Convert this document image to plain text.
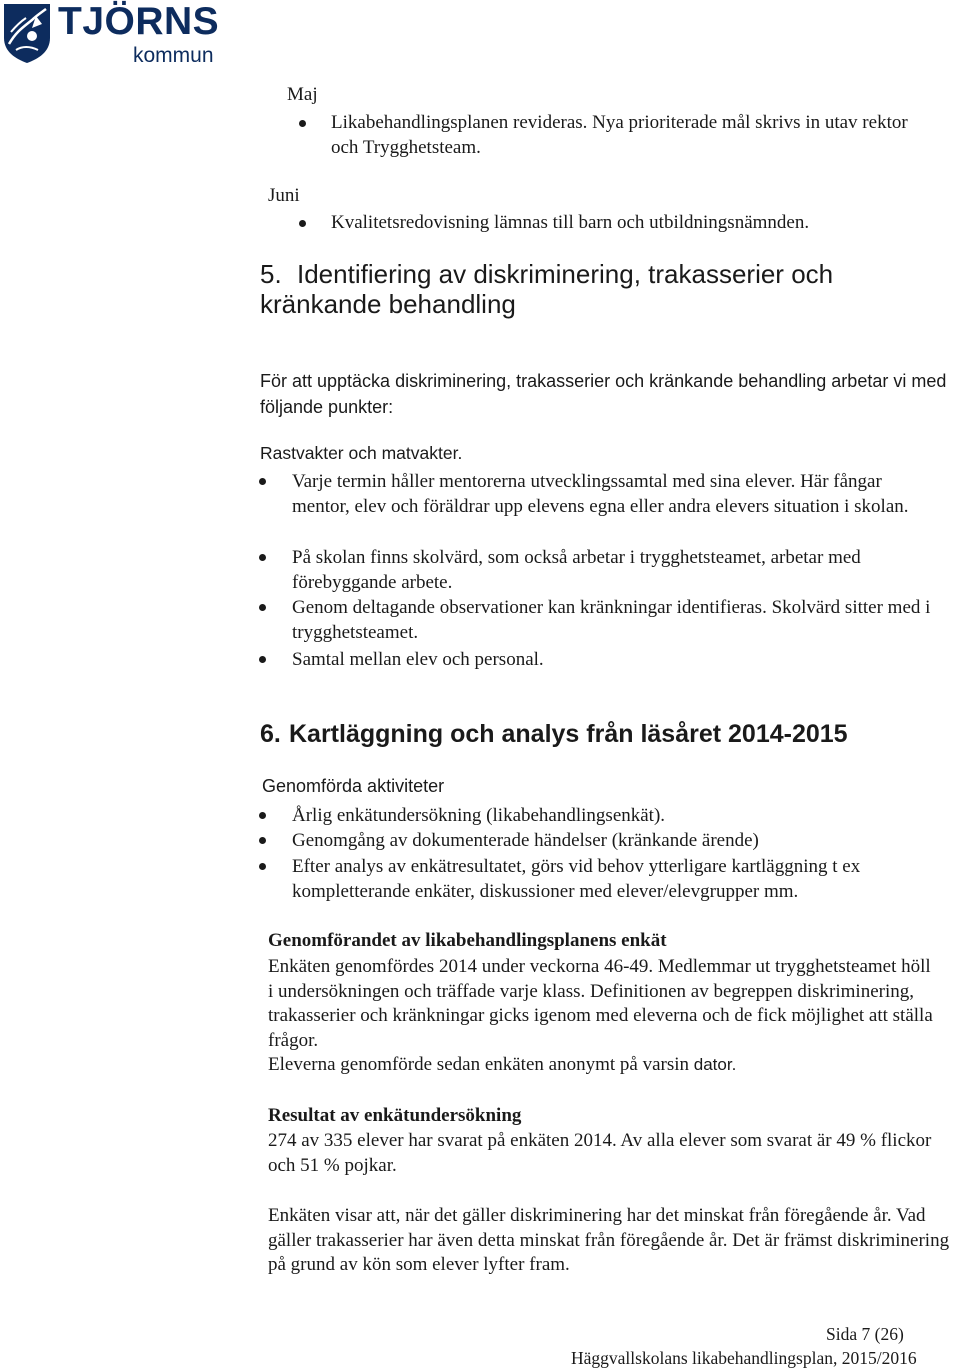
TJÖRNS
kommun
Maj
Likabehandlingsplanen revideras. Nya prioriterade mål skrivs in utav rektor och Trygghetsteam.
Juni
Kvalitetsredovisning lämnas till barn och utbildningsnämnden.
5. Identifiering av diskriminering, trakasserier och kränkande behandling
För att upptäcka diskriminering, trakasserier och kränkande behandling arbetar vi med följande punkter:
Rastvakter och matvakter.
Varje termin håller mentorerna utvecklingssamtal med sina elever. Här fångar mentor, elev och föräldrar upp elevens egna eller andra elevers situation i skolan.
På skolan finns skolvärd, som också arbetar i trygghetsteamet, arbetar med förebyggande arbete.
Genom deltagande observationer kan kränkningar identifieras. Skolvärd sitter med i trygghetsteamet.
Samtal mellan elev och personal.
6. Kartläggning och analys från läsåret 2014-2015
Genomförda aktiviteter
Årlig enkätundersökning (likabehandlingsenkät).
Genomgång av dokumenterade händelser (kränkande ärende)
Efter analys av enkätresultatet, görs vid behov ytterligare kartläggning t ex kompletterande enkäter, diskussioner med elever/elevgrupper mm.
Genomförandet av likabehandlingsplanens enkät
Enkäten genomfördes 2014 under veckorna 46-49. Medlemmar ut trygghetsteamet höll i undersökningen och träffade varje klass. Definitionen av begreppen diskriminering, trakasserier och kränkningar gicks igenom med eleverna och de fick möjlighet att ställa frågor.
Eleverna genomförde sedan enkäten anonymt på varsin dator.
Resultat av enkätundersökning
274 av 335 elever har svarat på enkäten 2014. Av alla elever som svarat är 49 % flickor och 51 % pojkar.
Enkäten visar att, när det gäller diskriminering har det minskat från föregående år. Vad gäller trakasserier har även detta minskat från föregående år. Det är främst diskriminering på grund av kön som elever lyfter fram.
Sida 7 (26)
Häggvallskolans likabehandlingsplan, 2015/2016
